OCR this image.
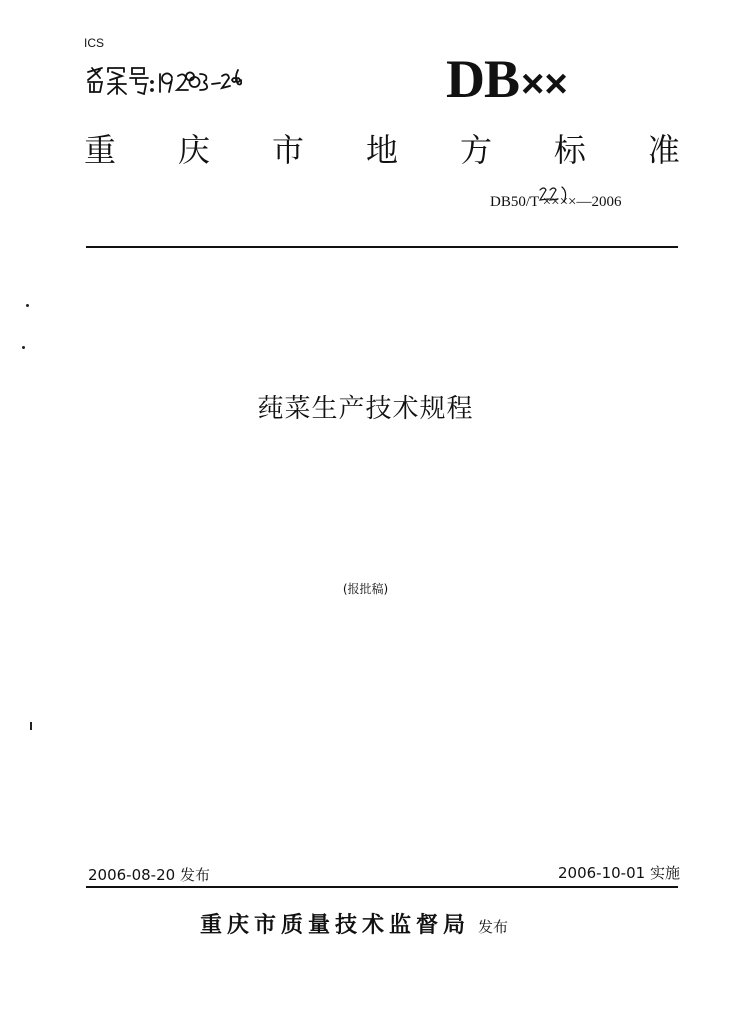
ICS
DB ××
重 庆 市 地 方 标 准
DB50/T ××××—2006
莼菜生产技术规程
(报批稿)
2006-08-20 发布	2006-10-01 实施
重庆市质量技术监督局 发布
